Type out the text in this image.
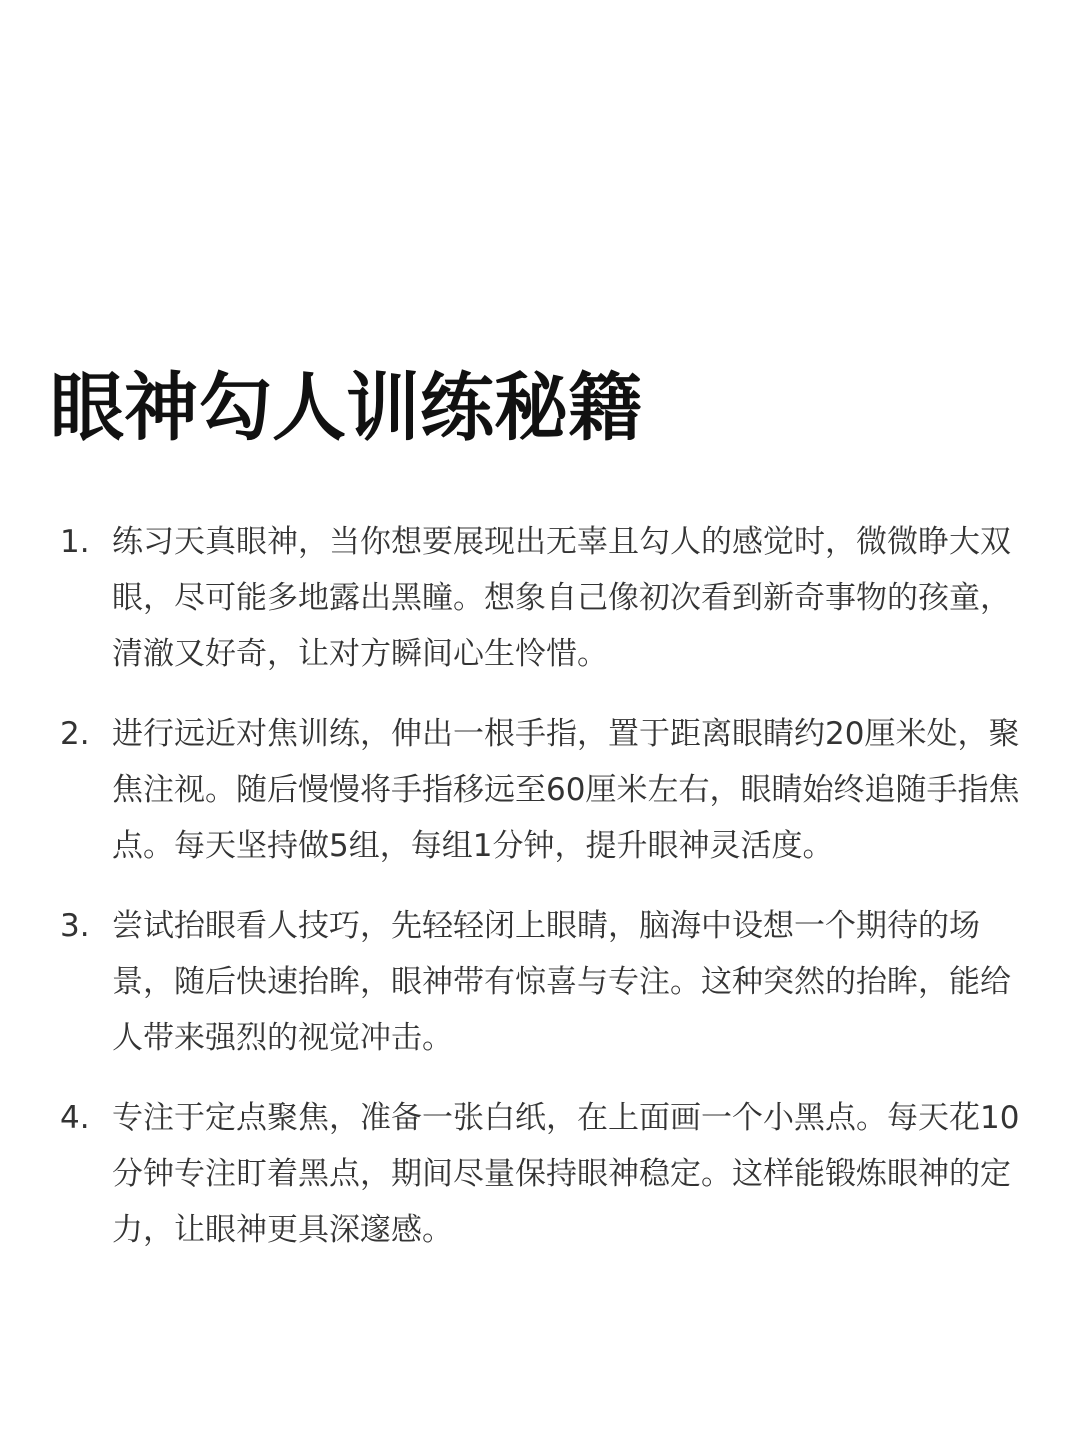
眼神勾人训练秘籍
1. 练习天真眼神，当你想要展现出无辜且勾人的感觉时，微微睁大双眼，尽可能多地露出黑瞳。想象自己像初次看到新奇事物的孩童，清澈又好奇，让对方瞬间心生怜惜。
2. 进行远近对焦训练，伸出一根手指，置于距离眼睛约20厘米处，聚焦注视。随后慢慢将手指移远至60厘米左右，眼睛始终追随手指焦点。每天坚持做5组，每组1分钟，提升眼神灵活度。
3. 尝试抬眼看人技巧，先轻轻闭上眼睛，脑海中设想一个期待的场景，随后快速抬眸，眼神带有惊喜与专注。这种突然的抬眸，能给人带来强烈的视觉冲击。
4. 专注于定点聚焦，准备一张白纸，在上面画一个小黑点。每天花10分钟专注盯着黑点，期间尽量保持眼神稳定。这样能锻炼眼神的定力，让眼神更具深邃感。
